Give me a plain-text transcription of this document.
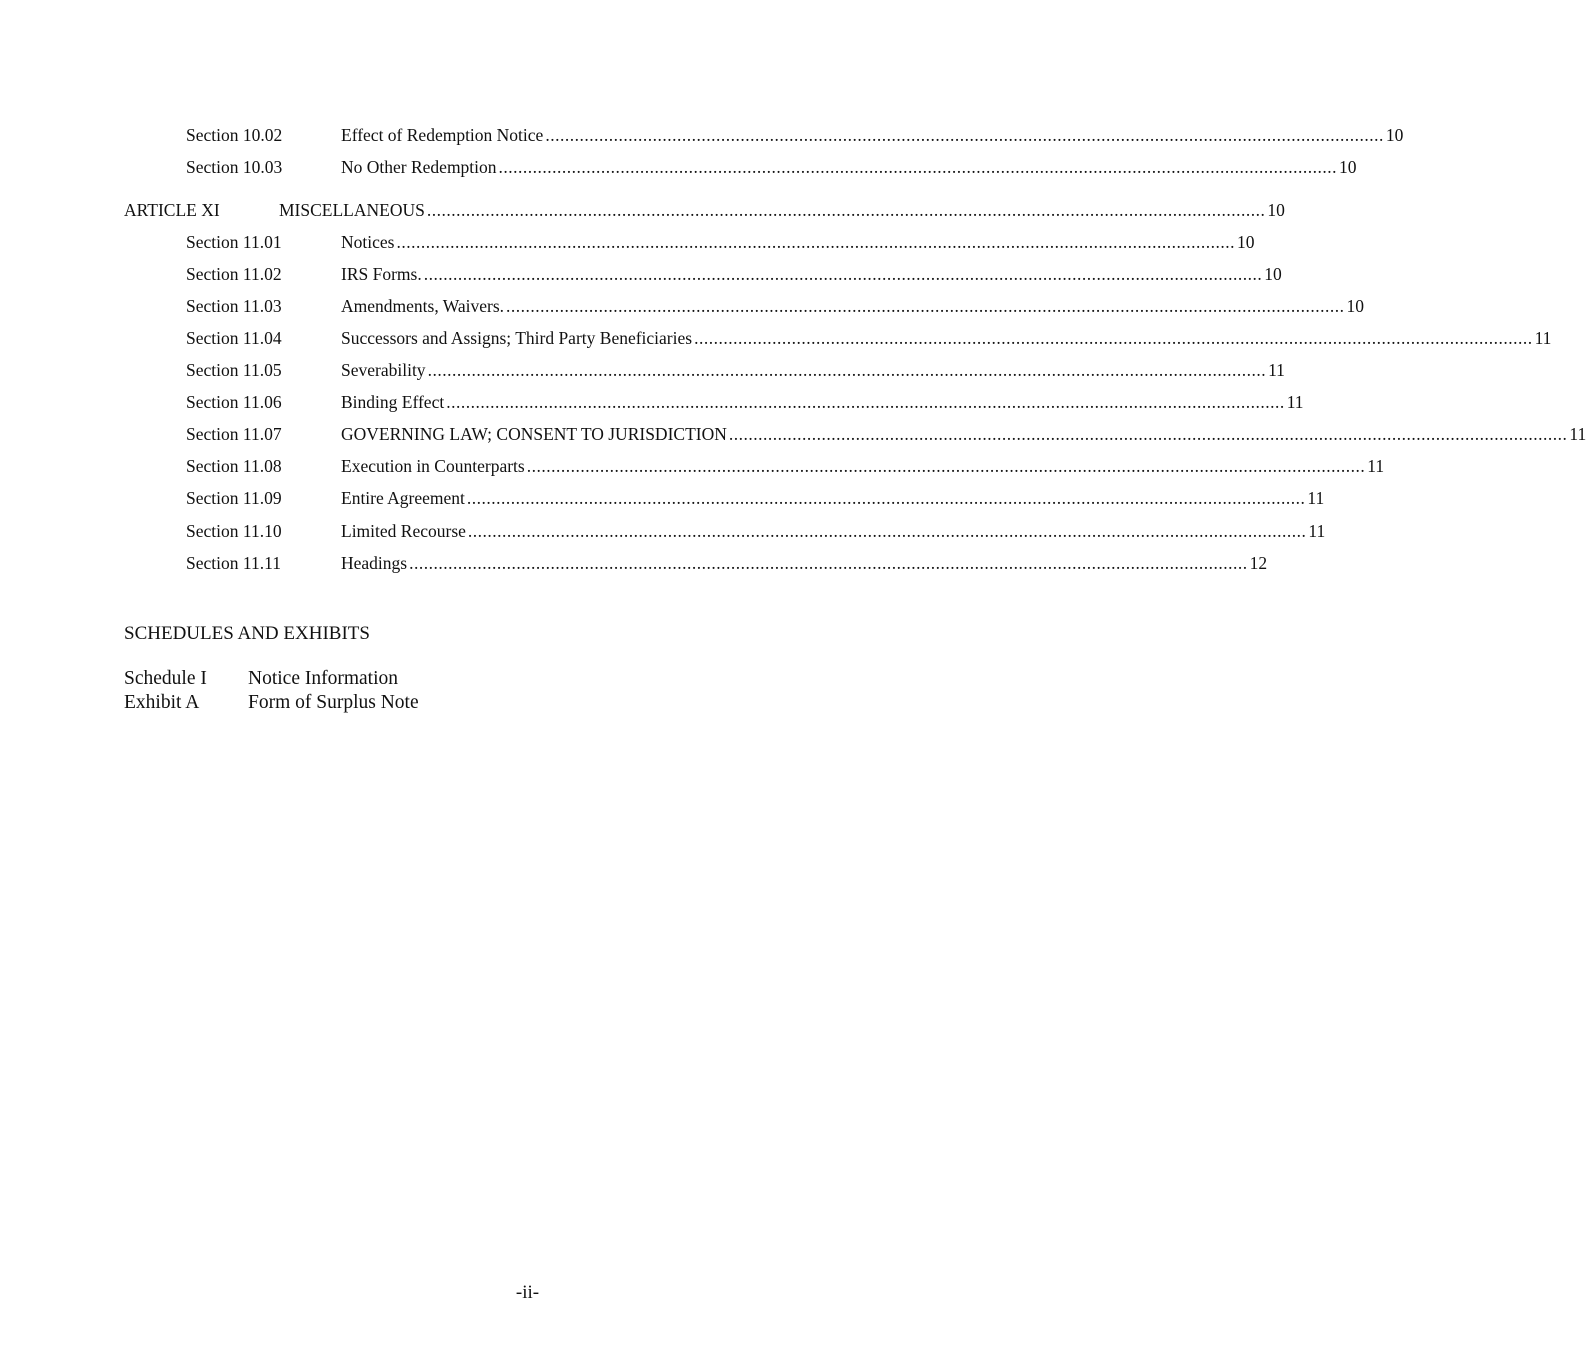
Section 10.02	Effect of Redemption Notice ............................................................................................................................................................................ 10
Section 10.03	No Other Redemption ............................................................................................................................................................................ 10
ARTICLE XI	MISCELLANEOUS ............................................................................................................................................................................ 10
Section 11.01	Notices ............................................................................................................................................................................ 10
Section 11.02	IRS Forms. ............................................................................................................................................................................ 10
Section 11.03	Amendments, Waivers. ............................................................................................................................................................................ 10
Section 11.04	Successors and Assigns; Third Party Beneficiaries ............................................................................................................................................................................ 11
Section 11.05	Severability ............................................................................................................................................................................ 11
Section 11.06	Binding Effect ............................................................................................................................................................................ 11
Section 11.07	GOVERNING LAW; CONSENT TO JURISDICTION ............................................................................................................................................................................ 11
Section 11.08	Execution in Counterparts ............................................................................................................................................................................ 11
Section 11.09	Entire Agreement ............................................................................................................................................................................ 11
Section 11.10	Limited Recourse ............................................................................................................................................................................ 11
Section 11.11	Headings ............................................................................................................................................................................ 12
SCHEDULES AND EXHIBITS
Schedule I Notice Information
Exhibit A Form of Surplus Note
-ii-
